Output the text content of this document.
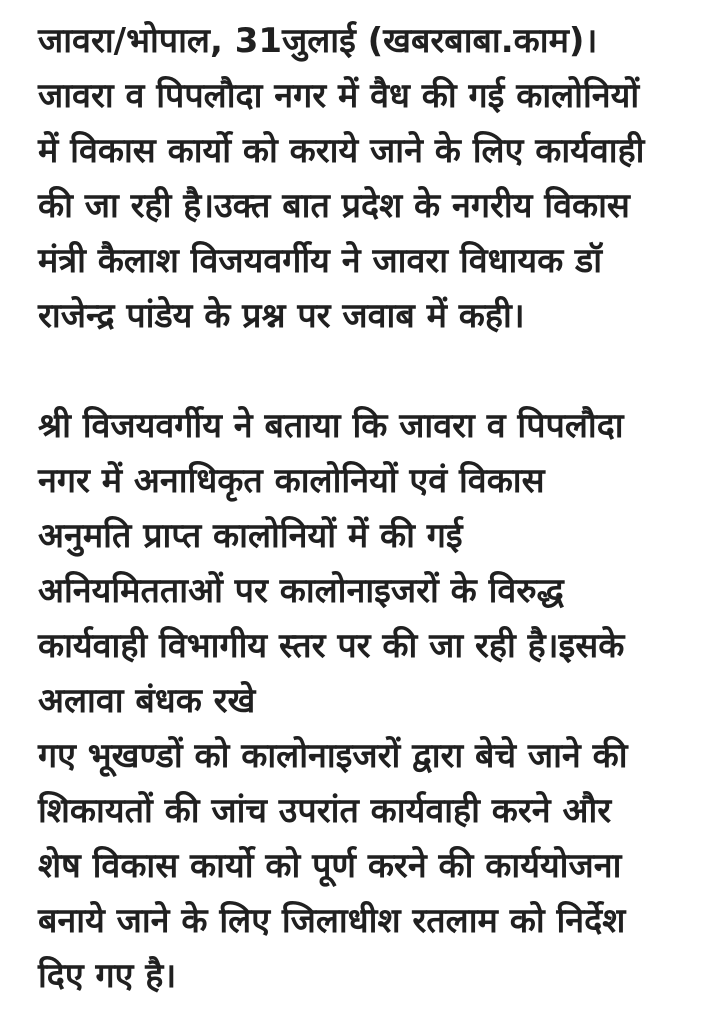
जावरा/भोपाल, 31जुलाई (खबरबाबा.काम)।
जावरा व पिपलौदा नगर में वैध की गई कालोनियों
में विकास कार्यो को कराये जाने के लिए कार्यवाही
की जा रही है।उक्त बात प्रदेश के नगरीय विकास
मंत्री कैलाश विजयवर्गीय ने जावरा विधायक डॉ
राजेन्द्र पांडेय के प्रश्न पर जवाब में कही।
श्री विजयवर्गीय ने बताया कि जावरा व पिपलौदा
नगर में अनाधिकृत कालोनियों एवं विकास
अनुमति प्राप्त कालोनियों में की गई
अनियमितताओं पर कालोनाइजरों के विरुद्ध
कार्यवाही विभागीय स्तर पर की जा रही है।इसके
अलावा बंधक रखे
गए भूखण्डों को कालोनाइजरों द्वारा बेचे जाने की
शिकायतों की जांच उपरांत कार्यवाही करने और
शेष विकास कार्यो को पूर्ण करने की कार्ययोजना
बनाये जाने के लिए जिलाधीश रतलाम को निर्देश
दिए गए है।
